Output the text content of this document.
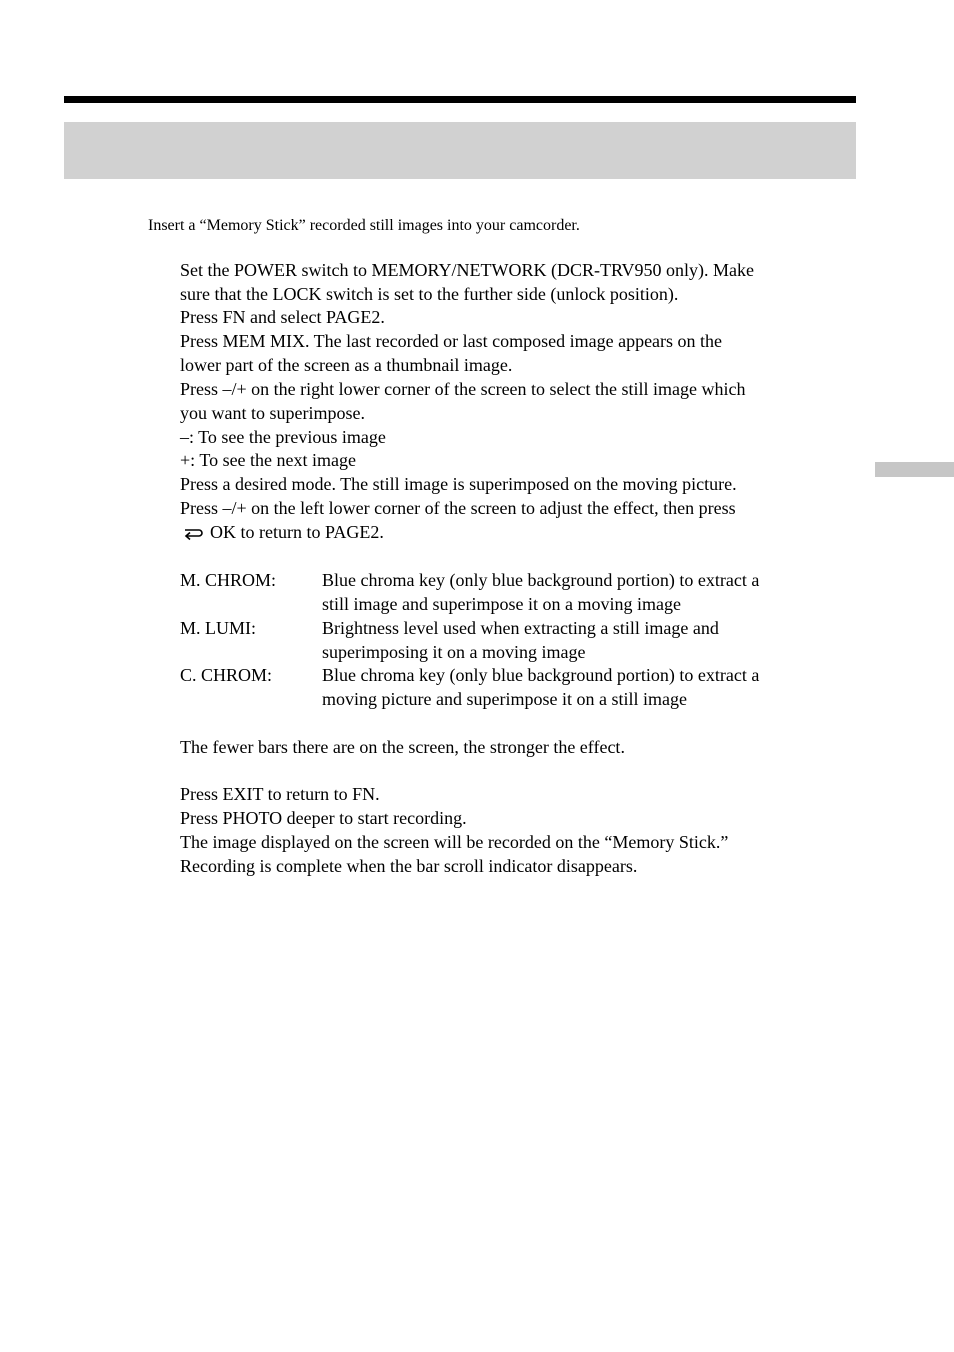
Insert a “Memory Stick” recorded still images into your camcorder.
Set the POWER switch to MEMORY/NETWORK (DCR-TRV950 only). Make
sure that the LOCK switch is set to the further side (unlock position).
Press FN and select PAGE2.
Press MEM MIX. The last recorded or last composed image appears on the
lower part of the screen as a thumbnail image.
Press –/+ on the right lower corner of the screen to select the still image which
you want to superimpose.
–: To see the previous image
+: To see the next image
Press a desired mode. The still image is superimposed on the moving picture.
Press –/+ on the left lower corner of the screen to adjust the effect, then press
OK to return to PAGE2.
M. CHROM:	Blue chroma key (only blue background portion) to extract a
still image and superimpose it on a moving image
M. LUMI:	Brightness level used when extracting a still image and
superimposing it on a moving image
C. CHROM:	Blue chroma key (only blue background portion) to extract a
moving picture and superimpose it on a still image
The fewer bars there are on the screen, the stronger the effect.
Press EXIT to return to FN.
Press PHOTO deeper to start recording.
The image displayed on the screen will be recorded on the “Memory Stick.”
Recording is complete when the bar scroll indicator disappears.
